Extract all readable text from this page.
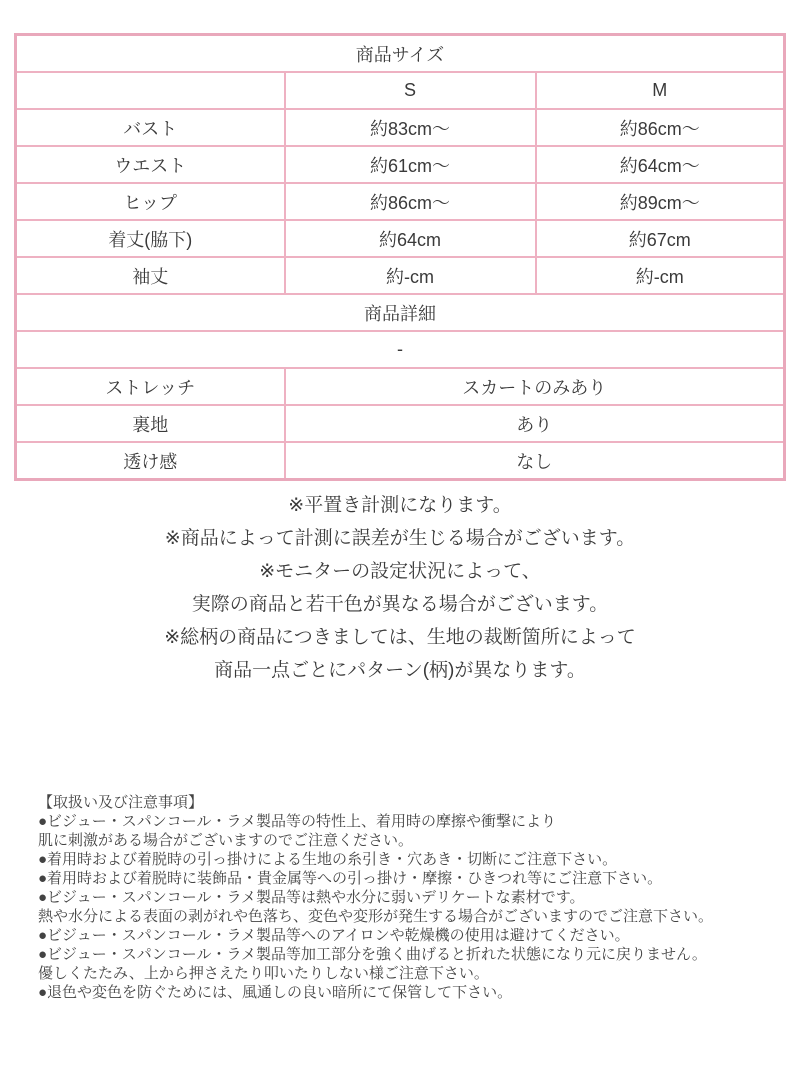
商品サイズ		
	S	M
バスト	約83cm〜	約86cm〜
ウエスト	約61cm〜	約64cm〜
ヒップ	約86cm〜	約89cm〜
着丈(脇下)	約64cm	約67cm
袖丈	約-cm	約-cm
商品詳細		
-		
ストレッチ	スカートのみあり	
裏地	あり	
透け感	なし	
※平置き計測になります。
※商品によって計測に誤差が生じる場合がございます。
※モニターの設定状況によって、
実際の商品と若干色が異なる場合がございます。
※総柄の商品につきましては、生地の裁断箇所によって
商品一点ごとにパターン(柄)が異なります。
【取扱い及び注意事項】
●ビジュー・スパンコール・ラメ製品等の特性上、着用時の摩擦や衝撃により
肌に刺激がある場合がございますのでご注意ください。
●着用時および着脱時の引っ掛けによる生地の糸引き・穴あき・切断にご注意下さい。
●着用時および着脱時に装飾品・貴金属等への引っ掛け・摩擦・ひきつれ等にご注意下さい。
●ビジュー・スパンコール・ラメ製品等は熱や水分に弱いデリケートな素材です。
熱や水分による表面の剥がれや色落ち、変色や変形が発生する場合がございますのでご注意下さい。
●ビジュー・スパンコール・ラメ製品等へのアイロンや乾燥機の使用は避けてください。
●ビジュー・スパンコール・ラメ製品等加工部分を強く曲げると折れた状態になり元に戻りません。
優しくたたみ、上から押さえたり叩いたりしない様ご注意下さい。
●退色や変色を防ぐためには、風通しの良い暗所にて保管して下さい。
